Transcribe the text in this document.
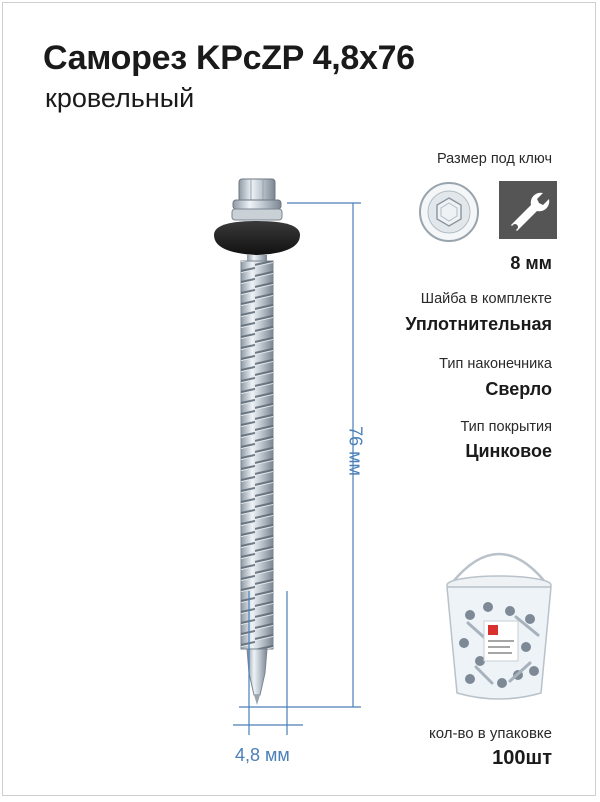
Саморез KPcZP 4,8x76
кровельный
76 мм
4,8 мм
Размер под ключ
8 мм
Шайба в комплекте
Уплотнительная
Тип наконечника
Сверло
Тип покрытия
Цинковое
кол-во в упаковке
100шт
